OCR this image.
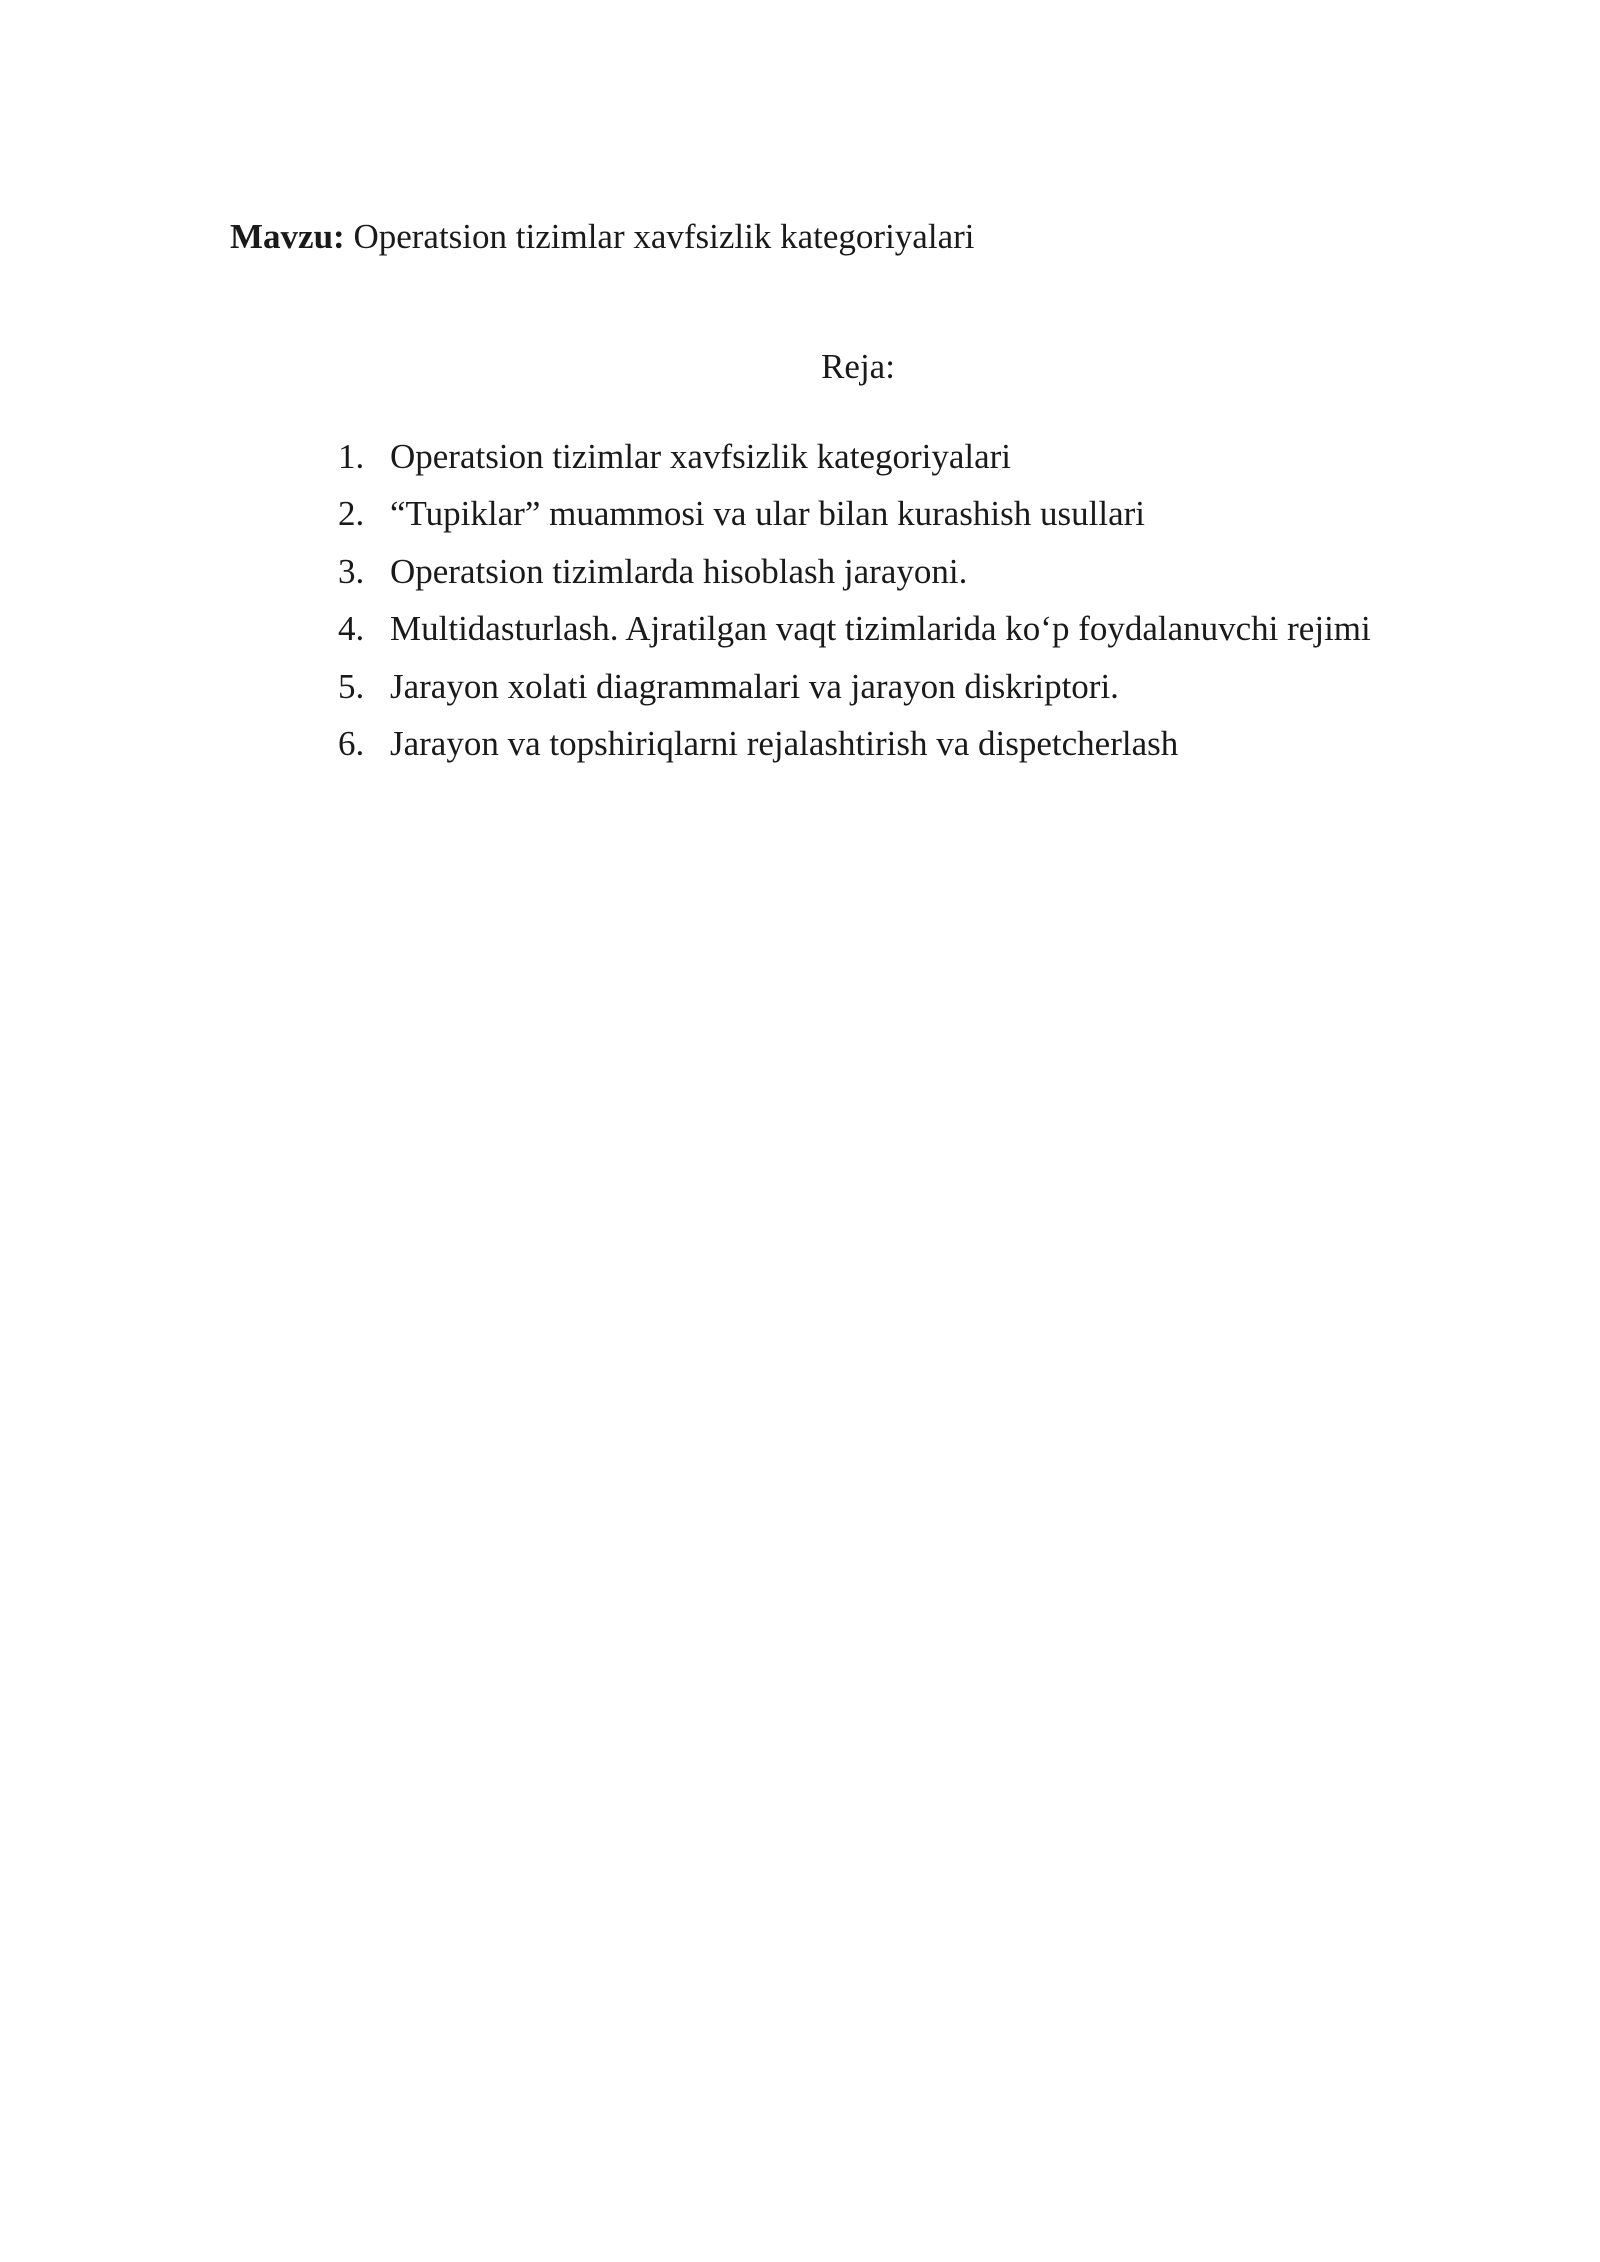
Mavzu: Operatsion tizimlar xavfsizlik kategoriyalari
Reja:
1. Operatsion tizimlar xavfsizlik kategoriyalari
2. “Tupiklar” muammosi va ular bilan kurashish usullari
3. Operatsion tizimlarda hisoblash jarayoni.
4. Multidasturlash. Ajratilgan vaqt tizimlarida ko‘p foydalanuvchi rejimi
5. Jarayon xolati diagrammalari va jarayon diskriptori.
6. Jarayon va topshiriqlarni rejalashtirish va dispetcherlash
